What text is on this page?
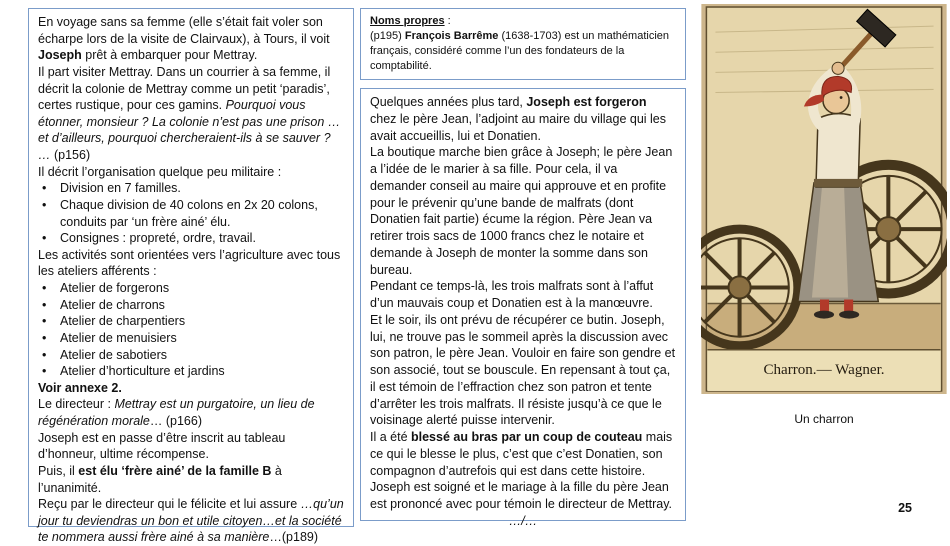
En voyage sans sa femme (elle s’était fait voler son écharpe lors de la visite de Clairvaux), à Tours, il voit Joseph prêt à embarquer pour Mettray.
Il part visiter Mettray. Dans un courrier à sa femme, il décrit la colonie de Mettray comme un petit ‘paradis’, certes rustique, pour ces gamins. Pourquoi vous étonner, monsieur ? La colonie n’est pas une prison … et d’ailleurs, pourquoi chercheraient-ils à se sauver ? … (p156)
Il décrit l’organisation quelque peu militaire :
•	Division en 7 familles.
•	Chaque division de 40 colons en 2x 20 colons, conduits par ‘un frère ainé’ élu.
•	Consignes : propreté, ordre, travail.
Les activités sont orientées vers l’agriculture avec tous les ateliers afférents :
•	Atelier de forgerons
•	Atelier de charrons
•	Atelier de charpentiers
•	Atelier de menuisiers
•	Atelier de sabotiers
•	Atelier d’horticulture et jardins
Voir annexe 2.
Le directeur : Mettray est un purgatoire, un lieu de régénération morale… (p166)
Joseph est en passe d’être inscrit au tableau d’honneur, ultime récompense.
Puis, il est élu ‘frère ainé’ de la famille B à l’unanimité.
Reçu par le directeur qui le félicite et lui assure …qu’un jour tu deviendras un bon et utile citoyen…et la société te nommera aussi frère ainé à sa manière…(p189)
Noms propres :
(p195) François Barrême (1638-1703) est un mathématicien français, considéré comme l’un des fondateurs de la comptabilité.
Quelques années plus tard, Joseph est forgeron chez le père Jean, l’adjoint au maire du village qui les avait accueillis, lui et Donatien.
La boutique marche bien grâce à Joseph; le père Jean a l’idée de le marier à sa fille. Pour cela, il va demander conseil au maire qui approuve et en profite pour le prévenir qu’une bande de malfrats (dont Donatien fait partie) écume la région. Père Jean va retirer trois sacs de 1000 francs chez le notaire et demande à Joseph de monter la somme dans son bureau.
Pendant ce temps-là, les trois malfrats sont à l’affut d’un mauvais coup et Donatien est à la manœuvre.
Et le soir, ils ont prévu de récupérer ce butin. Joseph, lui, ne trouve pas le sommeil après la discussion avec son patron, le père Jean. Vouloir en faire son gendre et son associé, tout se bouscule. En repensant à tout ça, il est témoin de l’effraction chez son patron et tente d’arrêter les trois malfrats. Il résiste jusqu’à ce que le voisinage alerté puisse intervenir.
Il a été blessé au bras par un coup de couteau mais ce qui le blesse le plus, c’est que c’est Donatien, son compagnon d’autrefois qui est dans cette histoire.
Joseph est soigné et le mariage à la fille du père Jean est prononcé avec pour témoin le directeur de Mettray.
…/…
Charron.— Wagner.
Un charron
25
